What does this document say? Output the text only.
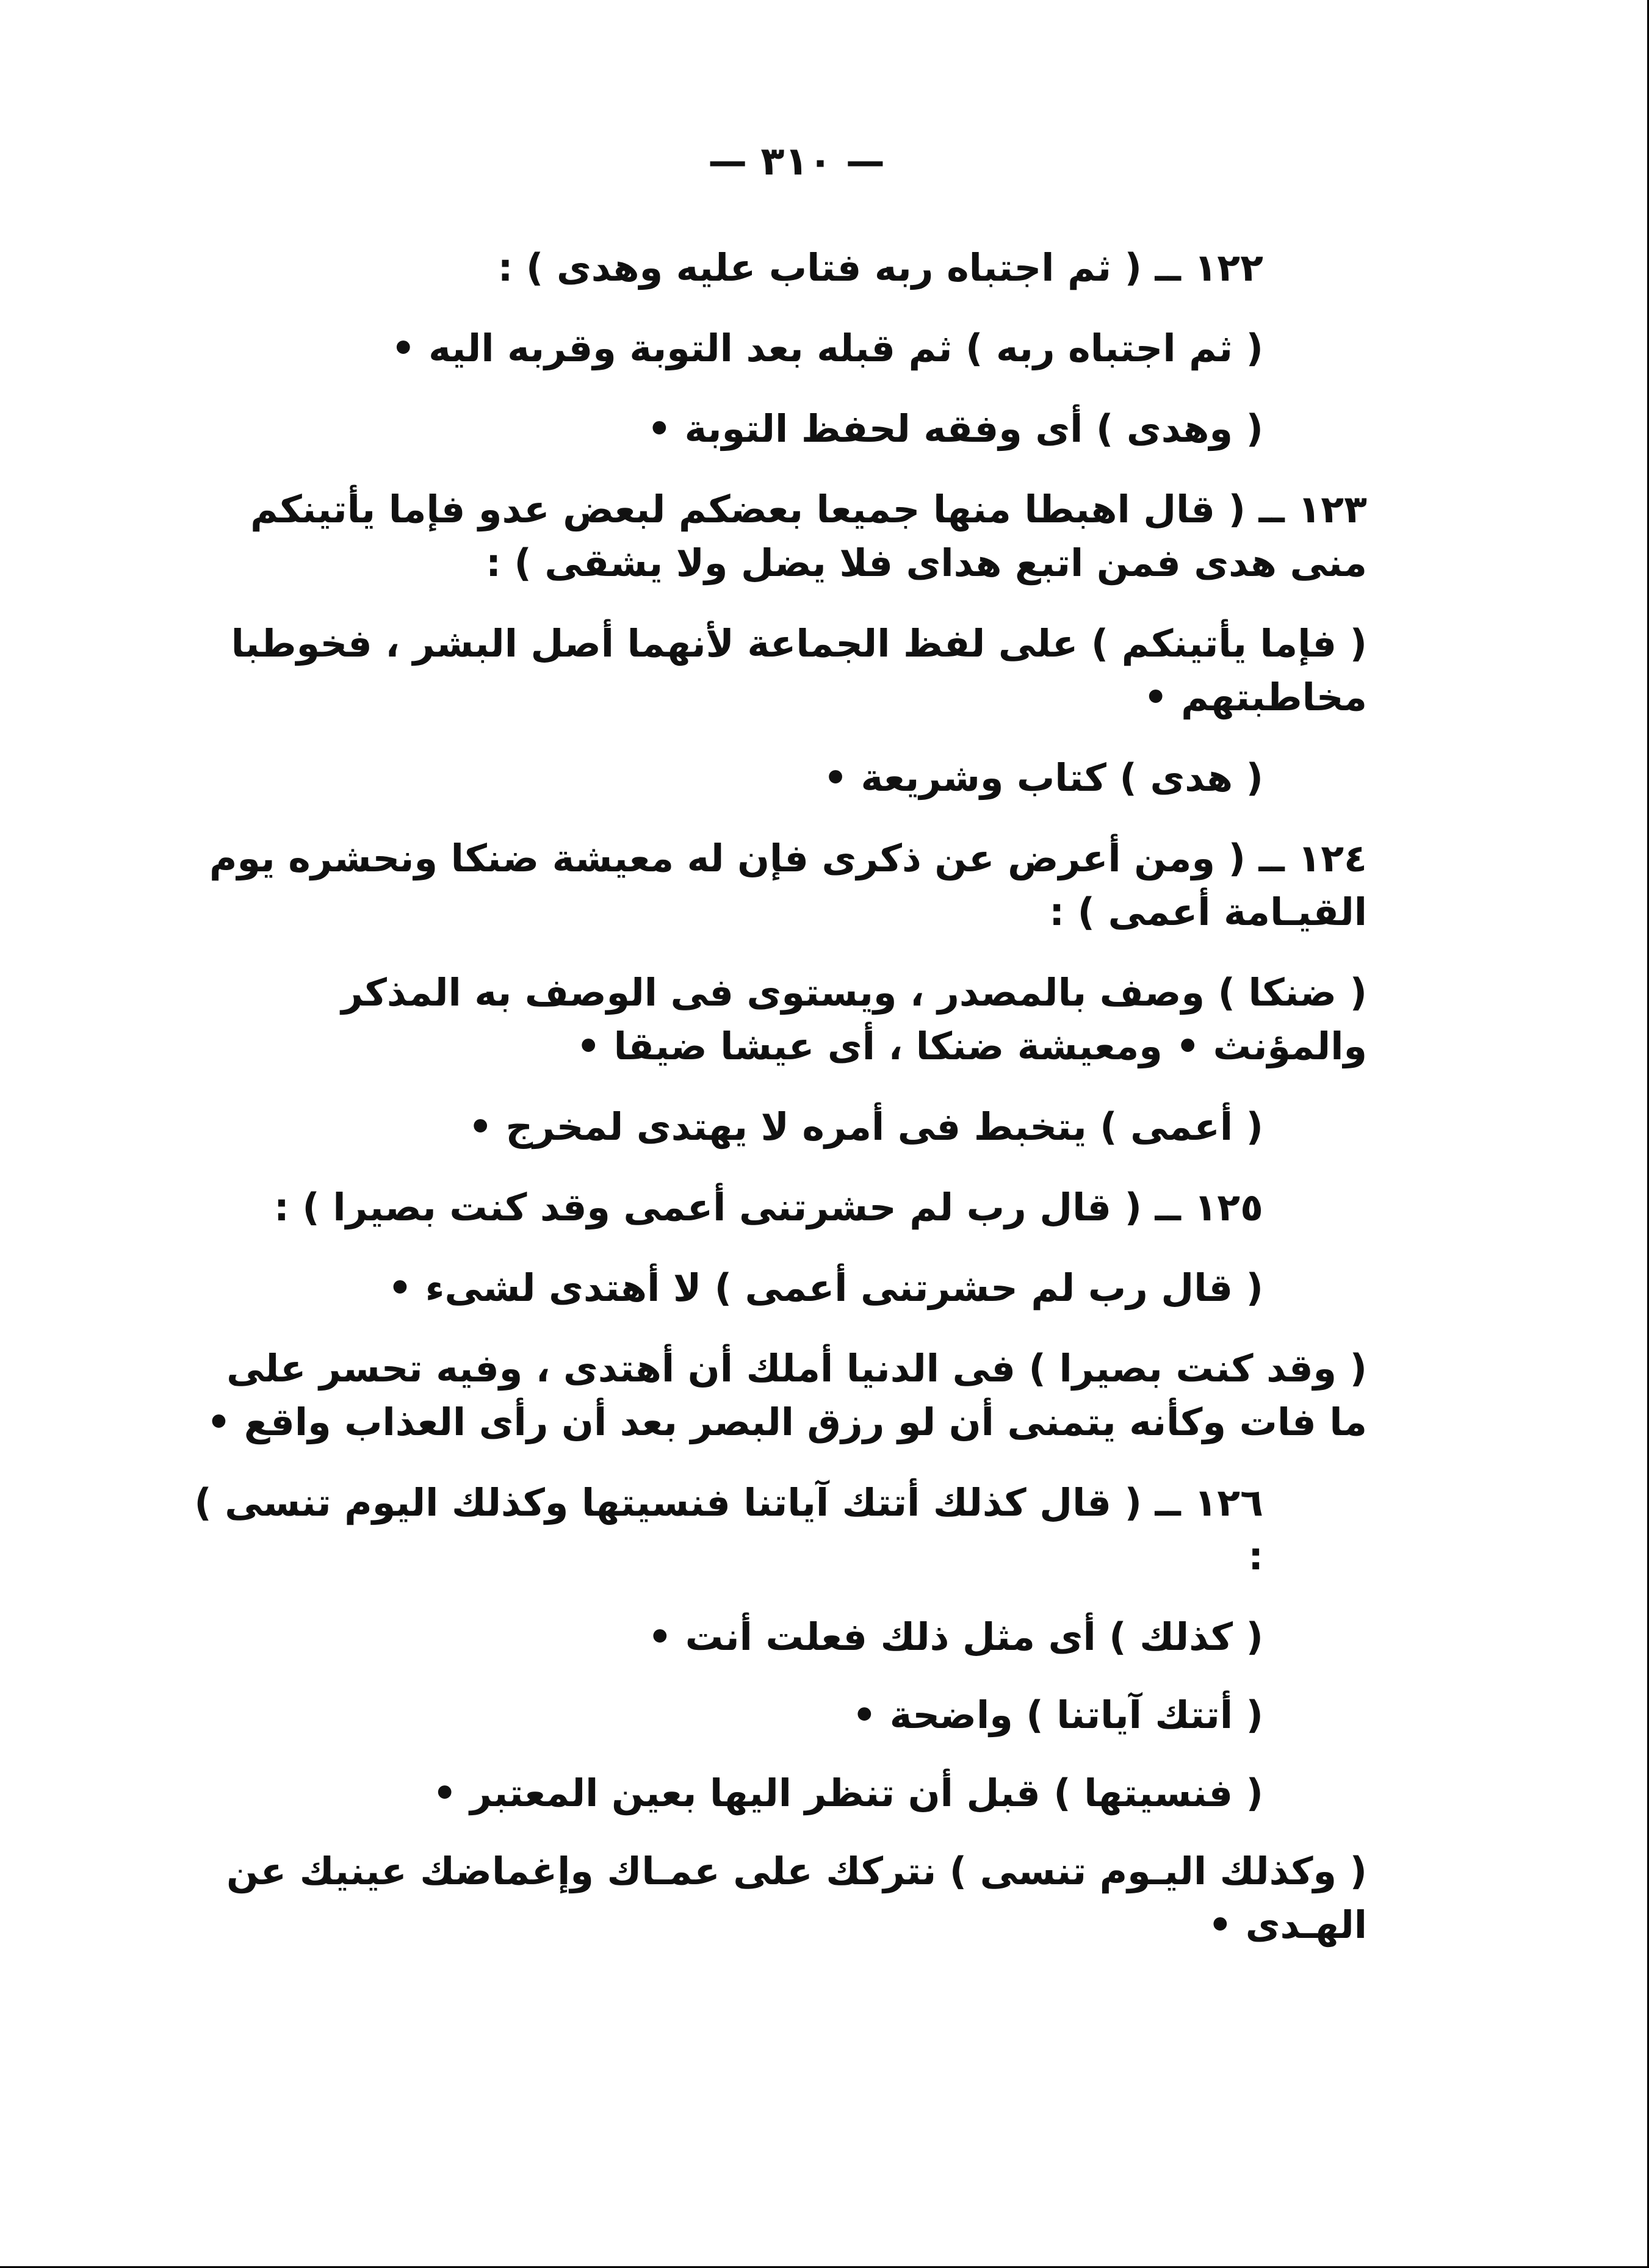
— ٣١٠ —

١٢٢ ــ ( ثم اجتباه ربه فتاب عليه وهدى ) :

( ثم اجتباه ربه ) ثم قبله بعد التوبة وقربه اليه •

( وهدى ) أى وفقه لحفظ التوبة •

١٢٣ ــ ( قال اهبطا منها جميعا بعضكم لبعض عدو فإما يأتينكم منى هدى فمن اتبع هداى فلا يضل ولا يشقى ) :

( فإما يأتينكم ) على لفظ الجماعة لأنهما أصل البشر ، فخوطبا مخاطبتهم •

( هدى ) كتاب وشريعة •

١٢٤ ــ ( ومن أعرض عن ذكرى فإن له معيشة ضنكا ونحشره يوم القيـامة أعمى ) :

( ضنكا ) وصف بالمصدر ، ويستوى فى الوصف به المذكر والمؤنث • ومعيشة ضنكا ، أى عيشا ضيقا •

( أعمى ) يتخبط فى أمره لا يهتدى لمخرج •

١٢٥ ــ ( قال رب لم حشرتنى أعمى وقد كنت بصيرا ) :

( قال رب لم حشرتنى أعمى ) لا أهتدى لشىء •

( وقد كنت بصيرا ) فى الدنيا أملك أن أهتدى ، وفيه تحسر على ما فات وكأنه يتمنى أن لو رزق البصر بعد أن رأى العذاب واقع •

١٢٦ ــ ( قال كذلك أتتك آياتنا فنسيتها وكذلك اليوم تنسى ) :

( كذلك ) أى مثل ذلك فعلت أنت •

( أتتك آياتنا ) واضحة •

( فنسيتها ) قبل أن تنظر اليها بعين المعتبر •

( وكذلك اليـوم تنسى ) نتركك على عمـاك وإغماضك عينيك عن الهـدى •
